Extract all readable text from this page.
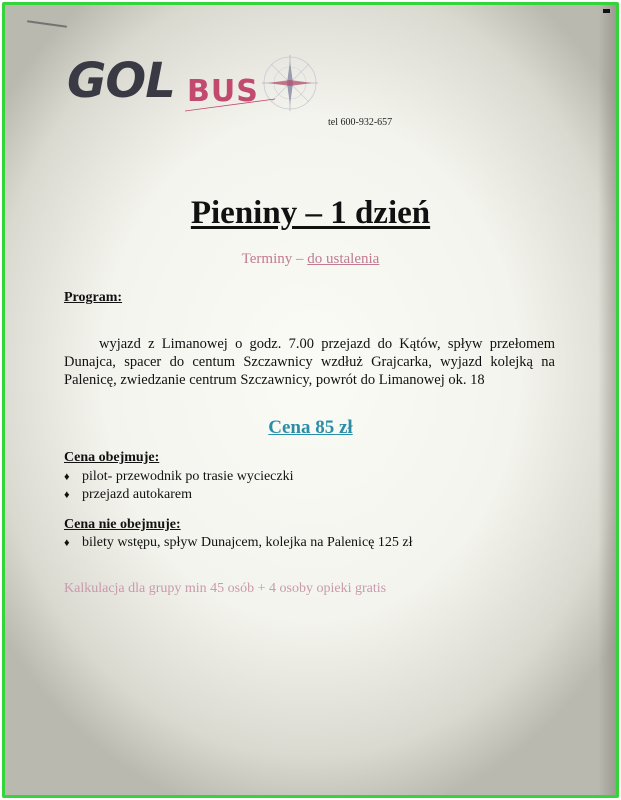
GOL BUS
tel 600-932-657
Pieniny – 1 dzień
Terminy – do ustalenia
Program:
wyjazd z Limanowej o godz. 7.00 przejazd do Kątów, spływ przełomem Dunajca, spacer do centum Szczawnicy wzdłuż Grajcarka, wyjazd kolejką na Palenicę, zwiedzanie centrum Szczawnicy, powrót do Limanowej ok. 18
Cena 85 zł
Cena obejmuje:
♦ pilot- przewodnik po trasie wycieczki
♦ przejazd autokarem
Cena nie obejmuje:
♦ bilety wstępu, spływ Dunajcem, kolejka na Palenicę 125 zł
Kalkulacja dla grupy min 45 osób + 4 osoby opieki gratis
